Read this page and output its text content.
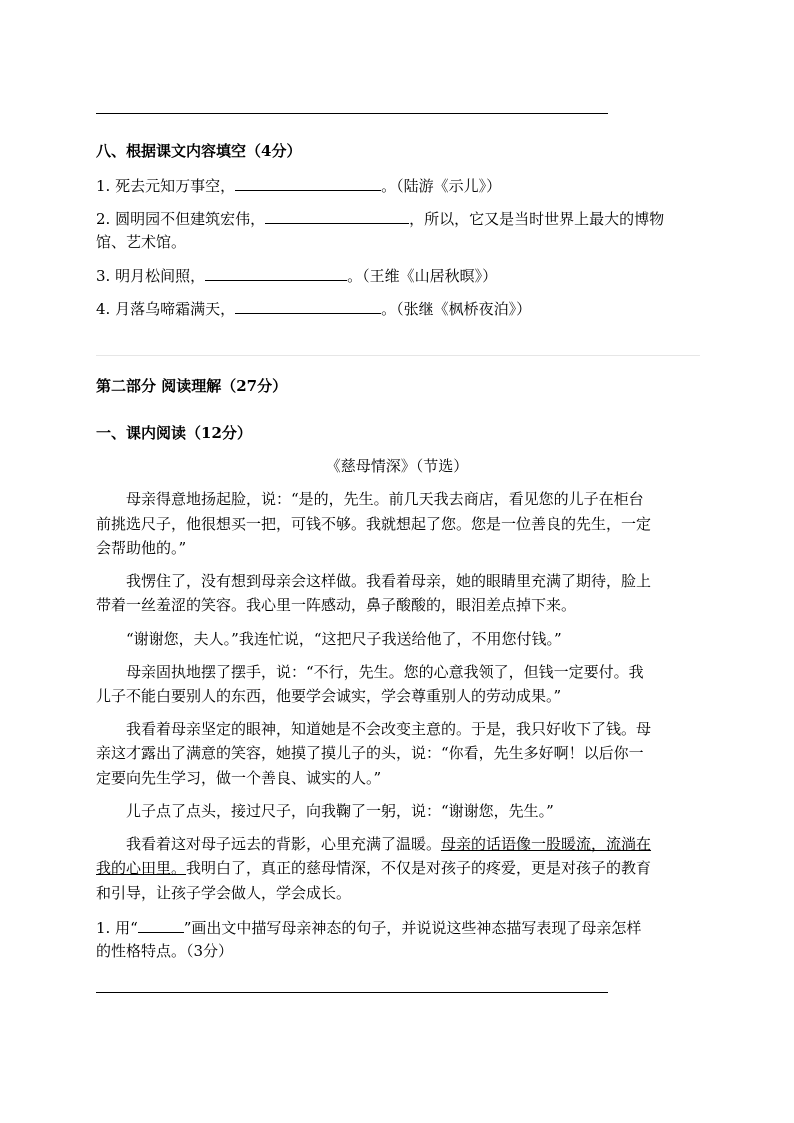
八、根据课文内容填空（4分）
1. 死去元知万事空，	。（陆游《示儿》）
2. 圆明园不但建筑宏伟，	，所以，它又是当时世界上最大的博物
馆、艺术馆。
3. 明月松间照，	。（王维《山居秋暝》）
4. 月落乌啼霜满天，	。（张继《枫桥夜泊》）
第二部分 阅读理解（27分）
一、课内阅读（12分）
《慈母情深》（节选）
母亲得意地扬起脸，说：“是的，先生。前几天我去商店，看见您的儿子在柜台
前挑选尺子，他很想买一把，可钱不够。我就想起了您。您是一位善良的先生，一定
会帮助他的。”
我愣住了，没有想到母亲会这样做。我看着母亲，她的眼睛里充满了期待，脸上
带着一丝羞涩的笑容。我心里一阵感动，鼻子酸酸的，眼泪差点掉下来。
“谢谢您，夫人。”我连忙说，“这把尺子我送给他了，不用您付钱。”
母亲固执地摆了摆手，说：“不行，先生。您的心意我领了，但钱一定要付。我
儿子不能白要别人的东西，他要学会诚实，学会尊重别人的劳动成果。”
我看着母亲坚定的眼神，知道她是不会改变主意的。于是，我只好收下了钱。母
亲这才露出了满意的笑容，她摸了摸儿子的头，说：“你看，先生多好啊！以后你一
定要向先生学习，做一个善良、诚实的人。”
儿子点了点头，接过尺子，向我鞠了一躬，说：“谢谢您，先生。”
我看着这对母子远去的背影，心里充满了温暖。母亲的话语像一股暖流，流淌在
我的心田里。我明白了，真正的慈母情深，不仅是对孩子的疼爱，更是对孩子的教育
和引导，让孩子学会做人，学会成长。
1. 用“	”画出文中描写母亲神态的句子，并说说这些神态描写表现了母亲怎样
的性格特点。（3分）
